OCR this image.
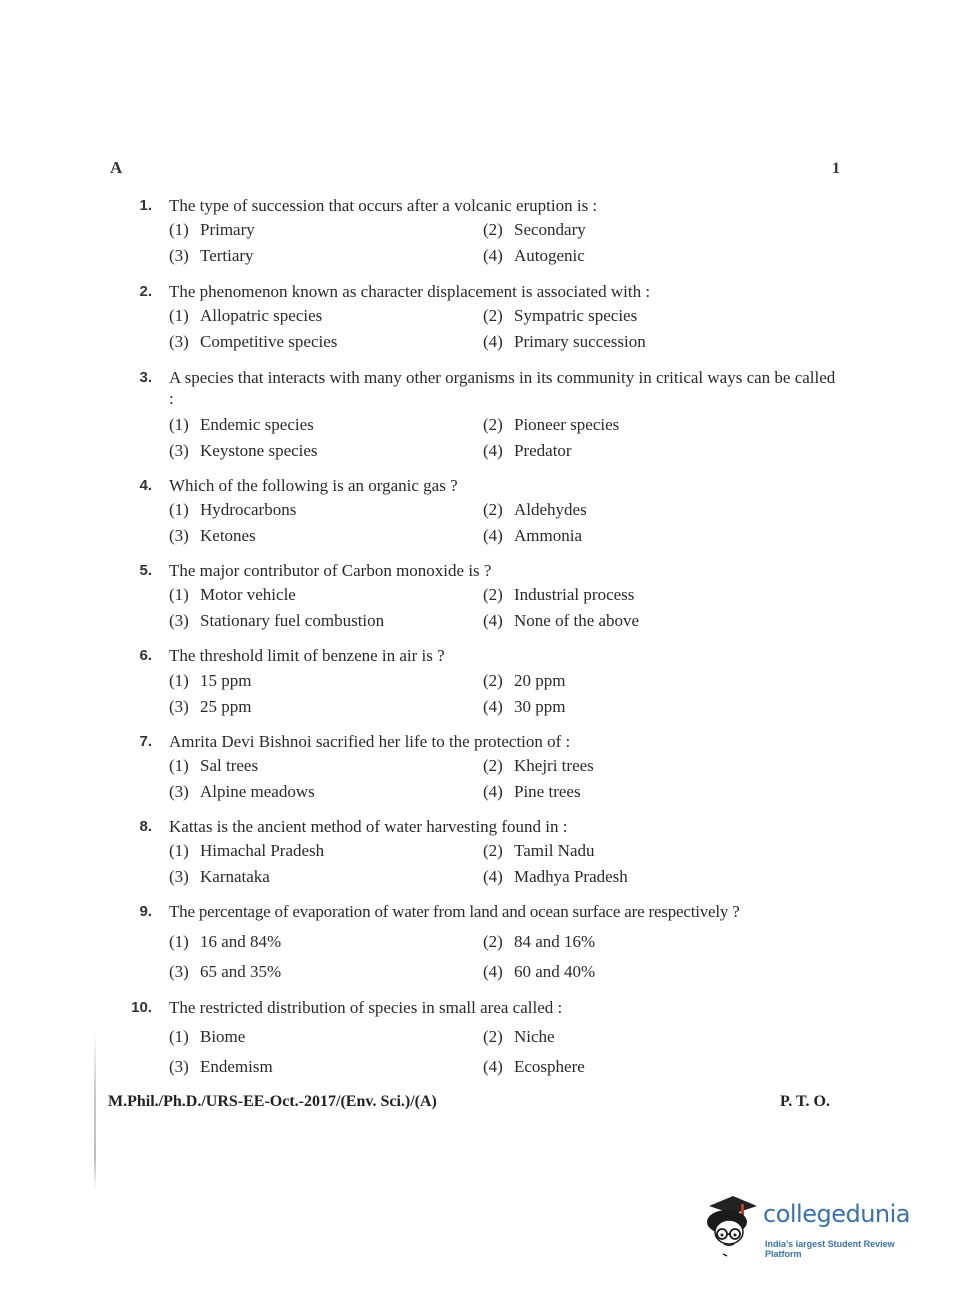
A	1
1. The type of succession that occurs after a volcanic eruption is :
(1) Primary	(2) Secondary
(3) Tertiary	(4) Autogenic
2. The phenomenon known as character displacement is associated with :
(1) Allopatric species	(2) Sympatric species
(3) Competitive species	(4) Primary succession
3. A species that interacts with many other organisms in its community in critical ways can be called :
(1) Endemic species	(2) Pioneer species
(3) Keystone species	(4) Predator
4. Which of the following is an organic gas ?
(1) Hydrocarbons	(2) Aldehydes
(3) Ketones	(4) Ammonia
5. The major contributor of Carbon monoxide is ?
(1) Motor vehicle	(2) Industrial process
(3) Stationary fuel combustion	(4) None of the above
6. The threshold limit of benzene in air is ?
(1) 15 ppm	(2) 20 ppm
(3) 25 ppm	(4) 30 ppm
7. Amrita Devi Bishnoi sacrified her life to the protection of :
(1) Sal trees	(2) Khejri trees
(3) Alpine meadows	(4) Pine trees
8. Kattas is the ancient method of water harvesting found in :
(1) Himachal Pradesh	(2) Tamil Nadu
(3) Karnataka	(4) Madhya Pradesh
9. The percentage of evaporation of water from land and ocean surface are respectively ?
(1) 16 and 84%	(2) 84 and 16%
(3) 65 and 35%	(4) 60 and 40%
10. The restricted distribution of species in small area called :
(1) Biome	(2) Niche
(3) Endemism	(4) Ecosphere
M.Phil./Ph.D./URS-EE-Oct.-2017/(Env. Sci.)/(A)	P. T. O.
collegedunia
India's largest Student Review Platform
